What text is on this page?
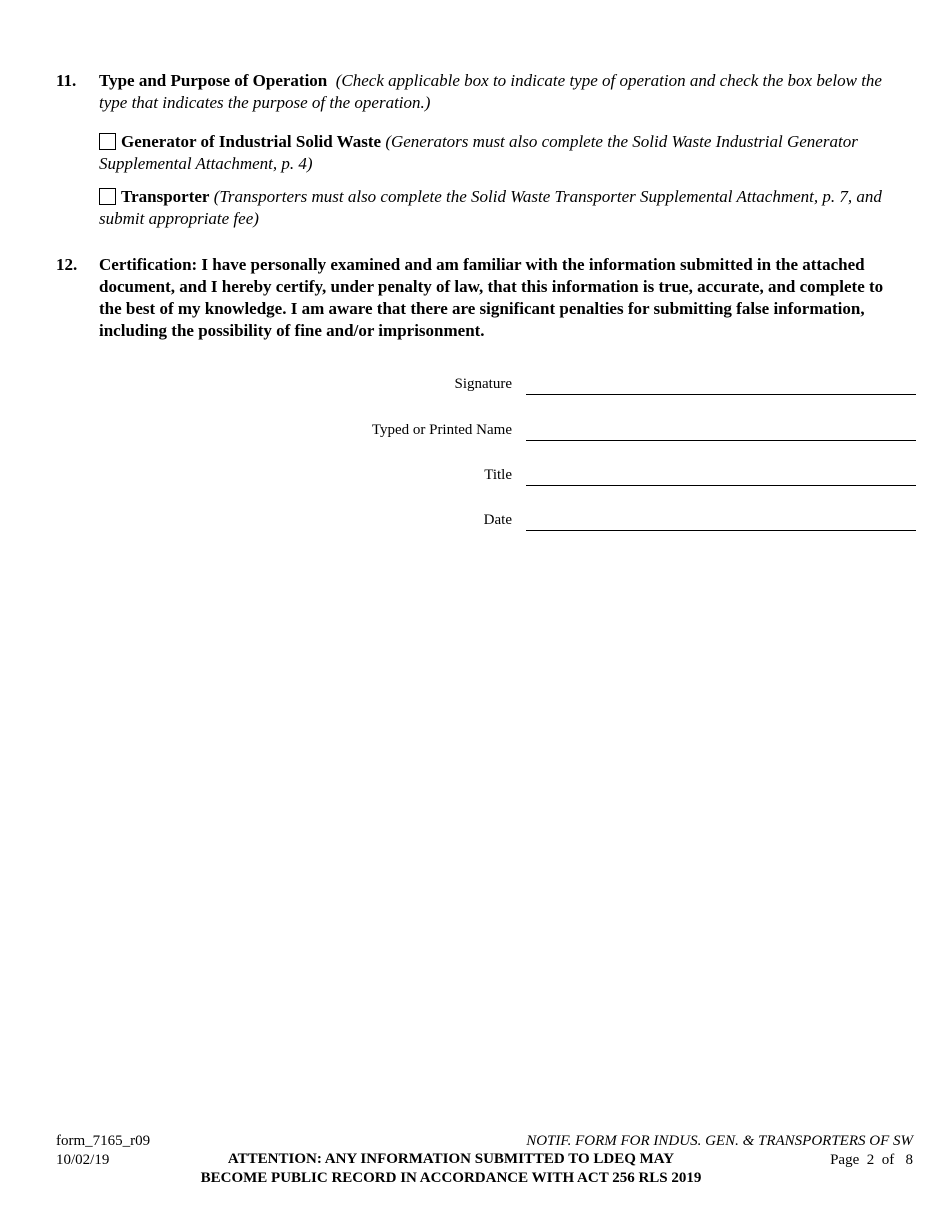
11. Type and Purpose of Operation (Check applicable box to indicate type of operation and check the box below the type that indicates the purpose of the operation.)
Generator of Industrial Solid Waste (Generators must also complete the Solid Waste Industrial Generator Supplemental Attachment, p. 4)
Transporter (Transporters must also complete the Solid Waste Transporter Supplemental Attachment, p. 7, and submit appropriate fee)
12. Certification: I have personally examined and am familiar with the information submitted in the attached document, and I hereby certify, under penalty of law, that this information is true, accurate, and complete to the best of my knowledge. I am aware that there are significant penalties for submitting false information, including the possibility of fine and/or imprisonment.
Signature
Typed or Printed Name
Title
Date
form_7165_r09
10/02/19
NOTIF. FORM FOR INDUS. GEN. & TRANSPORTERS OF SW
Page  2  of   8
ATTENTION: ANY INFORMATION SUBMITTED TO LDEQ MAY
BECOME PUBLIC RECORD IN ACCORDANCE WITH ACT 256 RLS 2019
